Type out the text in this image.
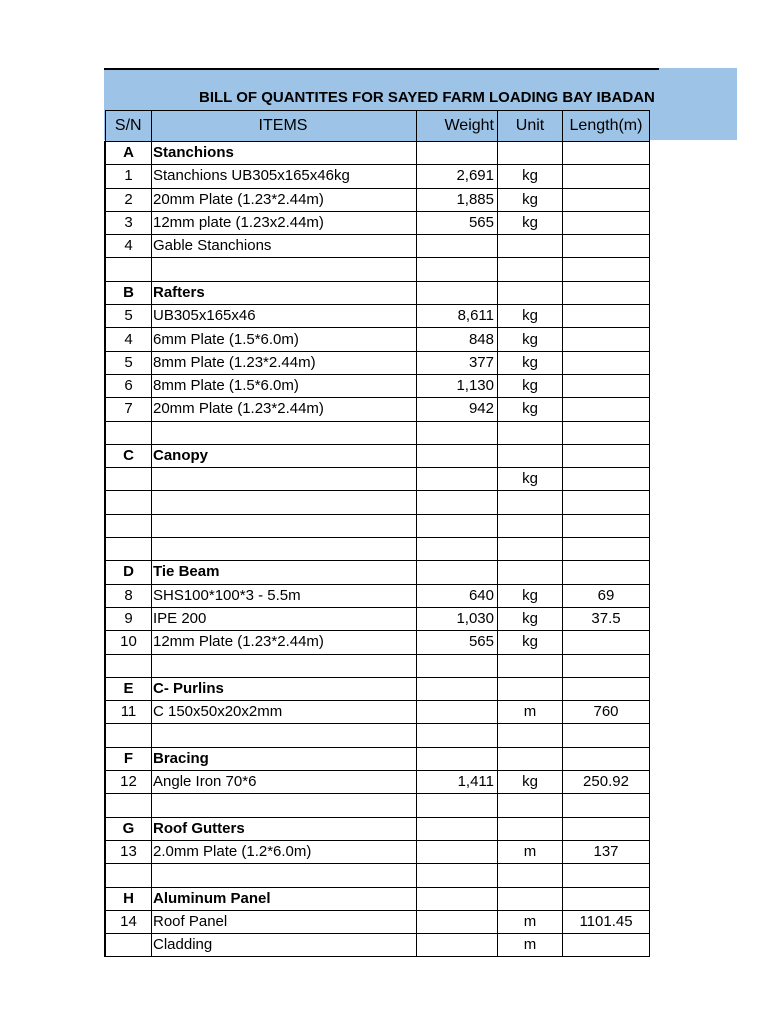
BILL OF QUANTITES FOR SAYED FARM LOADING BAY IBADAN
S/N	ITEMS	Weight	Unit	Length(m)
A	Stanchions			
1	Stanchions UB305x165x46kg	2,691	kg	
2	20mm Plate (1.23*2.44m)	1,885	kg	
3	12mm plate (1.23x2.44m)	565	kg	
4	Gable Stanchions			

B	Rafters			
5	UB305x165x46	8,611	kg	
4	6mm Plate (1.5*6.0m)	848	kg	
5	8mm Plate (1.23*2.44m)	377	kg	
6	8mm Plate (1.5*6.0m)	1,130	kg	
7	20mm Plate (1.23*2.44m)	942	kg	

C	Canopy			
			kg	

D	Tie Beam			
8	SHS100*100*3 - 5.5m	640	kg	69
9	IPE 200	1,030	kg	37.5
10	12mm Plate (1.23*2.44m)	565	kg	

E	C- Purlins			
11	C 150x50x20x2mm		m	760

F	Bracing			
12	Angle Iron 70*6	1,411	kg	250.92

G	Roof Gutters			
13	2.0mm Plate (1.2*6.0m)		m	137

H	Aluminum Panel			
14	Roof Panel		m	1101.45
	Cladding		m	
